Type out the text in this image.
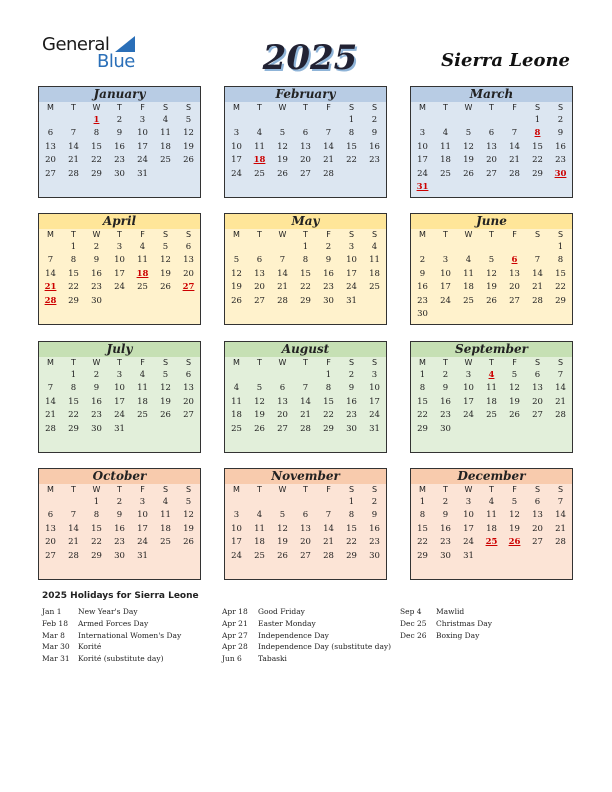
General
Blue	2025	Sierra Leone
January
M	T	W	T	F	S	S
		1	2	3	4	5
6	7	8	9	10	11	12
13	14	15	16	17	18	19
20	21	22	23	24	25	26
27	28	29	30	31		
February
M	T	W	T	F	S	S
					1	2
3	4	5	6	7	8	9
10	11	12	13	14	15	16
17	18	19	20	21	22	23
24	25	26	27	28		
March
M	T	W	T	F	S	S
					1	2
3	4	5	6	7	8	9
10	11	12	13	14	15	16
17	18	19	20	21	22	23
24	25	26	27	28	29	30
31						
April
M	T	W	T	F	S	S
	1	2	3	4	5	6
7	8	9	10	11	12	13
14	15	16	17	18	19	20
21	22	23	24	25	26	27
28	29	30				
May
M	T	W	T	F	S	S
			1	2	3	4
5	6	7	8	9	10	11
12	13	14	15	16	17	18
19	20	21	22	23	24	25
26	27	28	29	30	31	
June
M	T	W	T	F	S	S
						1
2	3	4	5	6	7	8
9	10	11	12	13	14	15
16	17	18	19	20	21	22
23	24	25	26	27	28	29
30						
July
M	T	W	T	F	S	S
	1	2	3	4	5	6
7	8	9	10	11	12	13
14	15	16	17	18	19	20
21	22	23	24	25	26	27
28	29	30	31			
August
M	T	W	T	F	S	S
				1	2	3
4	5	6	7	8	9	10
11	12	13	14	15	16	17
18	19	20	21	22	23	24
25	26	27	28	29	30	31
September
M	T	W	T	F	S	S
1	2	3	4	5	6	7
8	9	10	11	12	13	14
15	16	17	18	19	20	21
22	23	24	25	26	27	28
29	30					
October
M	T	W	T	F	S	S
		1	2	3	4	5
6	7	8	9	10	11	12
13	14	15	16	17	18	19
20	21	22	23	24	25	26
27	28	29	30	31		
November
M	T	W	T	F	S	S
					1	2
3	4	5	6	7	8	9
10	11	12	13	14	15	16
17	18	19	20	21	22	23
24	25	26	27	28	29	30
December
M	T	W	T	F	S	S
1	2	3	4	5	6	7
8	9	10	11	12	13	14
15	16	17	18	19	20	21
22	23	24	25	26	27	28
29	30	31				
2025 Holidays for Sierra Leone
Jan 1 New Year's Day
Feb 18 Armed Forces Day
Mar 8 International Women's Day
Mar 30 Korité
Mar 31 Korité (substitute day)
Apr 18 Good Friday
Apr 21 Easter Monday
Apr 27 Independence Day
Apr 28 Independence Day (substitute day)
Jun 6 Tabaski
Sep 4 Mawlid
Dec 25 Christmas Day
Dec 26 Boxing Day
